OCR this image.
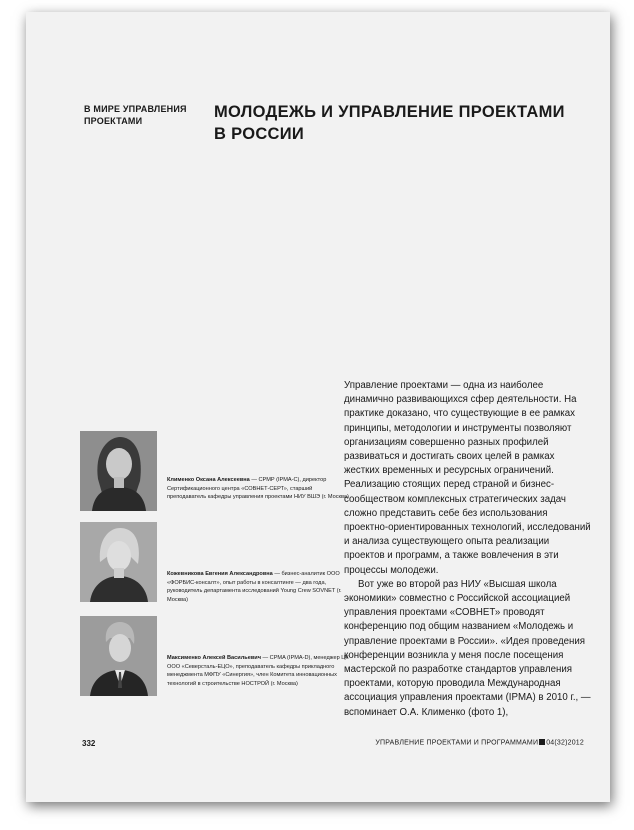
В МИРЕ УПРАВЛЕНИЯ
ПРОЕКТАМИ	МОЛОДЕЖЬ И УПРАВЛЕНИЕ ПРОЕКТАМИ
В РОССИИ
Клименко Оксана Алексеевна — CPMP (IPMA-C), директор Сертификационного центра «СОВНЕТ-СЕРТ», старший преподаватель кафедры управления проектами НИУ ВШЭ (г. Москва)
Кожевникова Евгения Александровна — бизнес-аналитик ООО «ФОРБИС-консалт», опыт работы в консалтинге — два года, руководитель департамента исследований Young Crew SOVNET (г. Москва)
Максименко Алексей Васильевич — CPMA (IPMA-D), менеджер ЦК ООО «Северсталь-ЕЦО», преподаватель кафедры прикладного менеджмента МФПУ «Синергия», член Комитета инновационных технологий в строительстве НОСТРОЙ (г. Москва)

Управление проектами — одна из наиболее динамично развивающихся сфер деятельности. На практике доказано, что существующие в ее рамках принципы, методологии и инструменты позволяют организациям совершенно разных профилей развиваться и достигать своих целей в рамках жестких временных и ресурсных ограничений. Реализацию стоящих перед страной и бизнес-сообществом комплексных стратегических задач сложно представить себе без использования проектно-ориентированных технологий, исследований и анализа существующего опыта реализации проектов и программ, а также вовлечения в эти процессы молодежи.

Вот уже во второй раз НИУ «Высшая школа экономики» совместно с Российской ассоциацией управления проектами «СОВНЕТ» проводят конференцию под общим названием «Молодежь и управление проектами в России». «Идея проведения конференции возникла у меня после посещения мастерской по разработке стандартов управления проектами, которую проводила Международная ассоциация управления проектами (IPMA) в 2010 г., — вспоминает О.А. Клименко (фото 1),

332	УПРАВЛЕНИЕ ПРОЕКТАМИ И ПРОГРАММАМИ 04(32)2012
